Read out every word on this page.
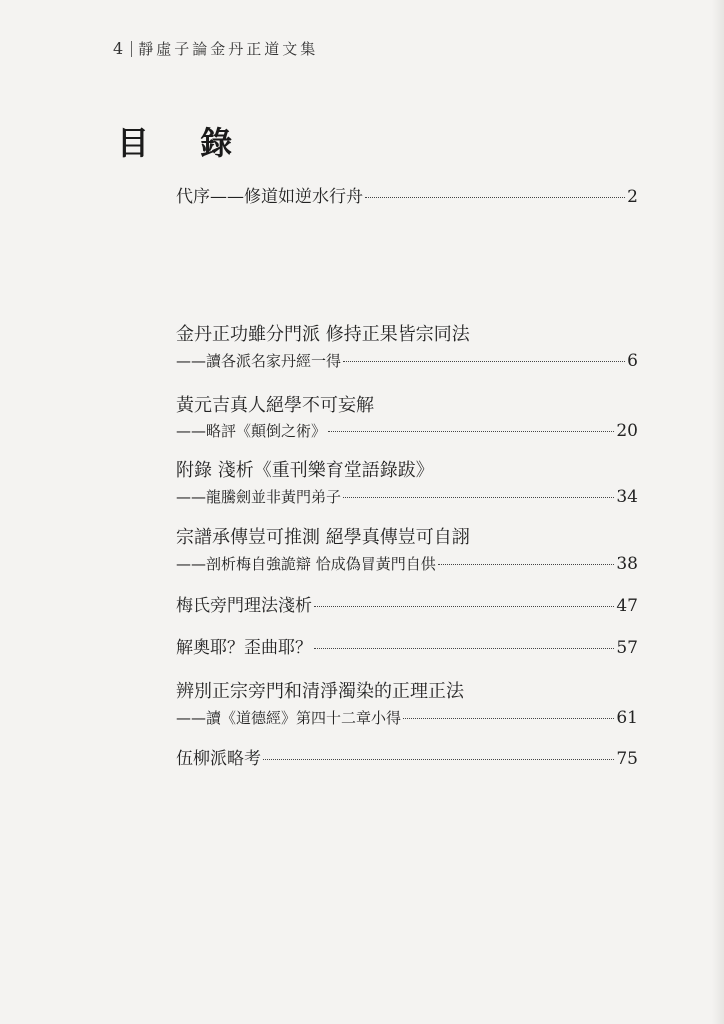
4 靜虛子論金丹正道文集
目 錄
代序——修道如逆水行舟	2
金丹正功雖分門派 修持正果皆宗同法
——讀各派名家丹經一得	6
黃元吉真人絕學不可妄解
——略評《顛倒之術》	20
附錄 淺析《重刊樂育堂語錄跋》
——龍騰劍並非黃門弟子	34
宗譜承傳豈可推測 絕學真傳豈可自詡
——剖析梅自強詭辯 恰成偽冒黃門自供	38
梅氏旁門理法淺析	47
解奧耶？歪曲耶？	57
辨別正宗旁門和清淨濁染的正理正法
——讀《道德經》第四十二章小得	61
伍柳派略考	75
